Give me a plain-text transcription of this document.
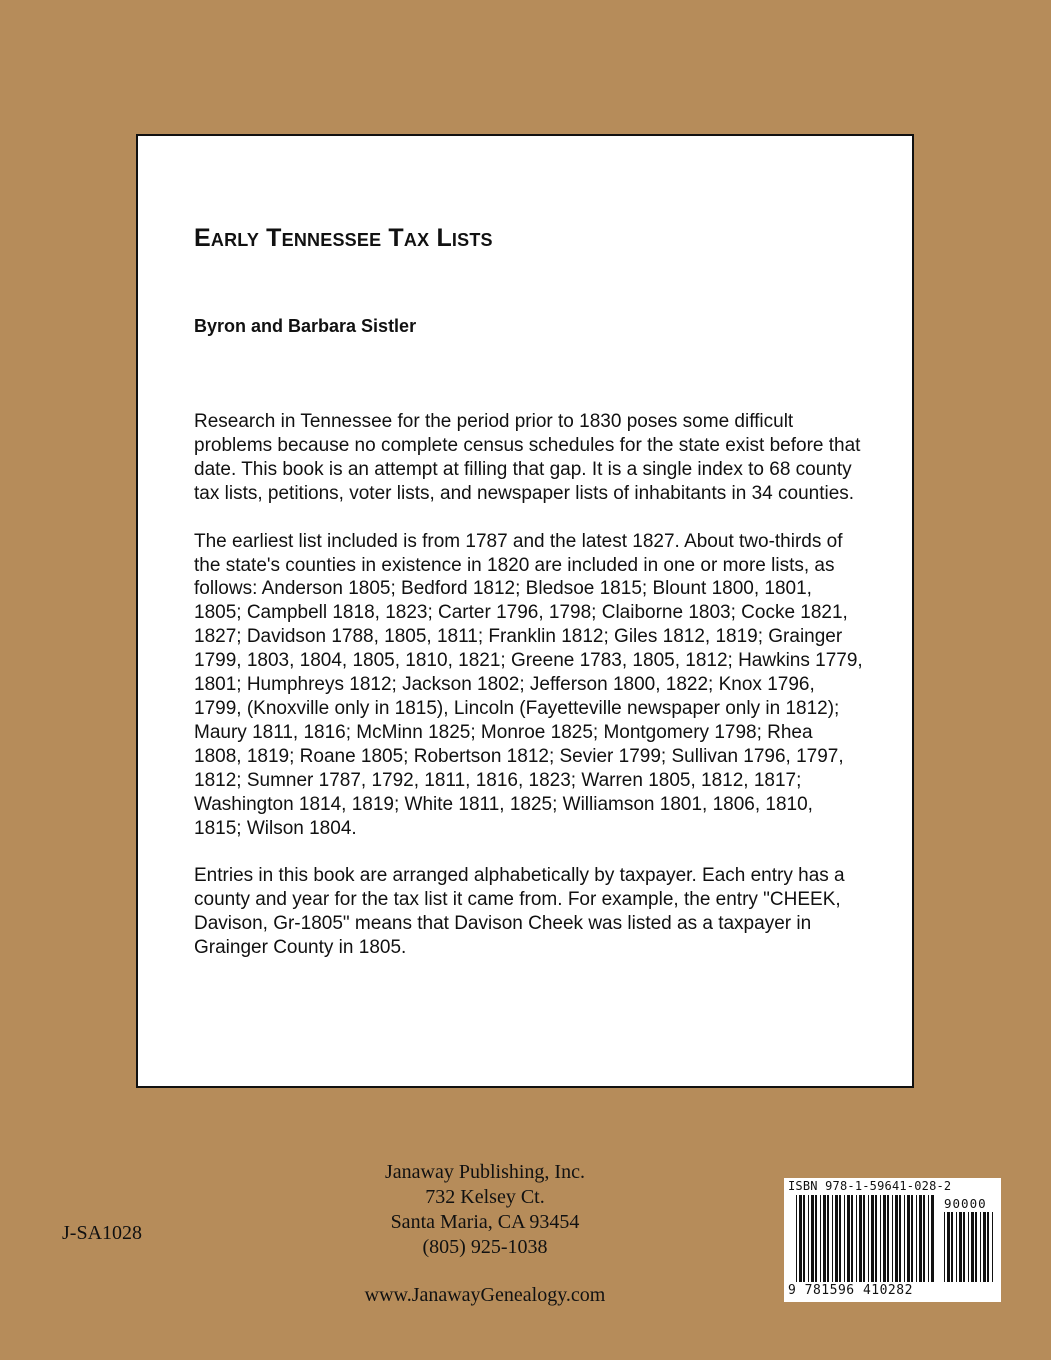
Early Tennessee Tax Lists
Byron and Barbara Sistler

Research in Tennessee for the period prior to 1830 poses some difficult problems because no complete census schedules for the state exist before that date. This book is an attempt at filling that gap. It is a single index to 68 county tax lists, petitions, voter lists, and newspaper lists of inhabitants in 34 counties.

The earliest list included is from 1787 and the latest 1827. About two-thirds of the state's counties in existence in 1820 are included in one or more lists, as follows: Anderson 1805; Bedford 1812; Bledsoe 1815; Blount 1800, 1801, 1805; Campbell 1818, 1823; Carter 1796, 1798; Claiborne 1803; Cocke 1821, 1827; Davidson 1788, 1805, 1811; Franklin 1812; Giles 1812, 1819; Grainger 1799, 1803, 1804, 1805, 1810, 1821; Greene 1783, 1805, 1812; Hawkins 1779, 1801; Humphreys 1812; Jackson 1802; Jefferson 1800, 1822; Knox 1796, 1799, (Knoxville only in 1815), Lincoln (Fayetteville newspaper only in 1812); Maury 1811, 1816; McMinn 1825; Monroe 1825; Montgomery 1798; Rhea 1808, 1819; Roane 1805; Robertson 1812; Sevier 1799; Sullivan 1796, 1797, 1812; Sumner 1787, 1792, 1811, 1816, 1823; Warren 1805, 1812, 1817; Washington 1814, 1819; White 1811, 1825; Williamson 1801, 1806, 1810, 1815; Wilson 1804.

Entries in this book are arranged alphabetically by taxpayer. Each entry has a county and year for the tax list it came from. For example, the entry "CHEEK, Davison, Gr-1805" means that Davison Cheek was listed as a taxpayer in Grainger County in 1805.

J-SA1028
Janaway Publishing, Inc.
732 Kelsey Ct.
Santa Maria, CA 93454
(805) 925-1038
www.JanawayGenealogy.com
ISBN 978-1-59641-028-2
90000
9 781596 410282
